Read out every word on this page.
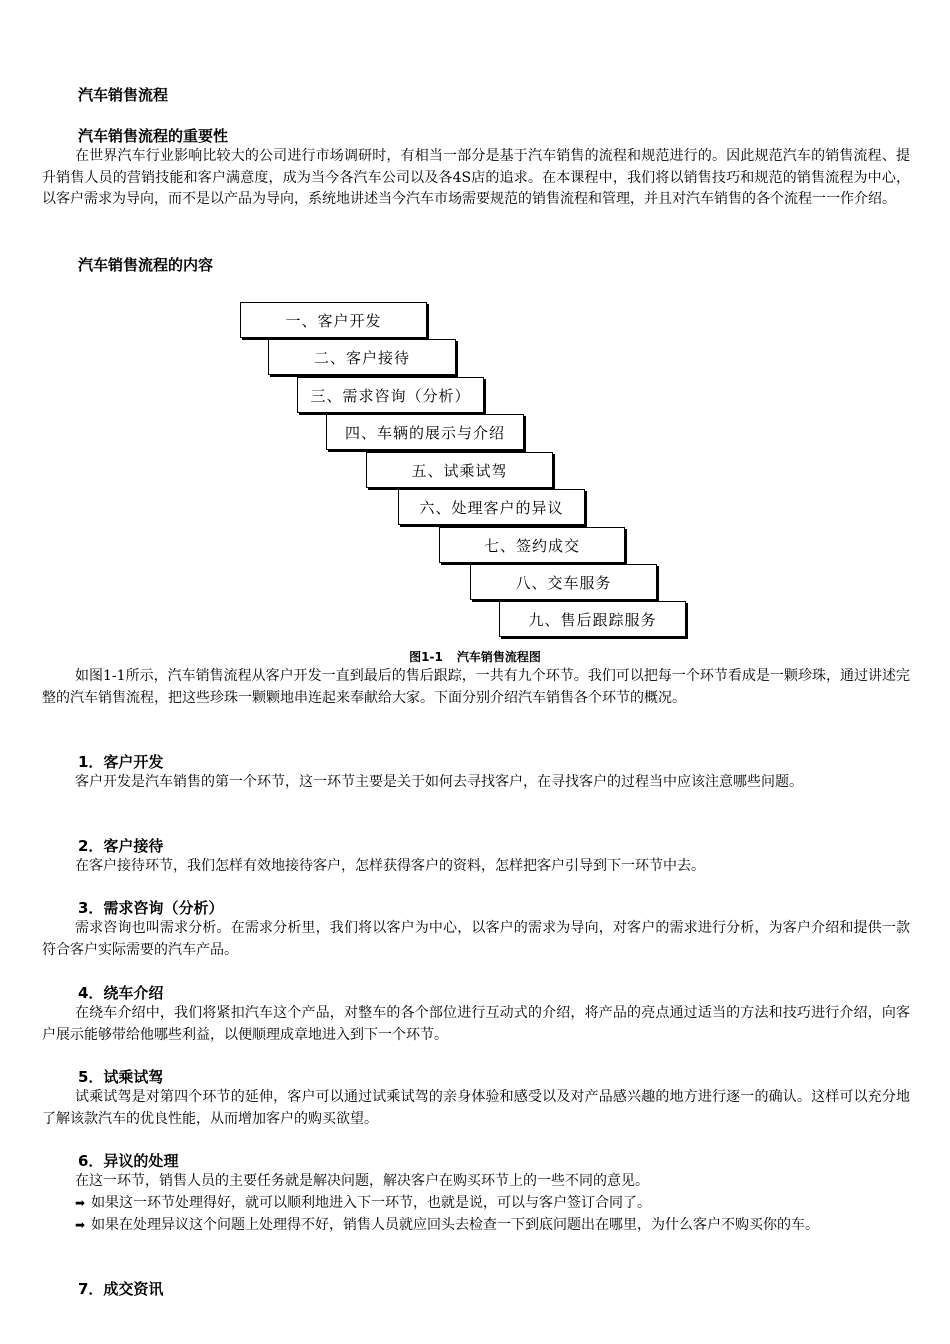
汽车销售流程
汽车销售流程的重要性

在世界汽车行业影响比较大的公司进行市场调研时，有相当一部分是基于汽车销售的流程和规范进行的。因此规范汽车的销售流程、提升销售人员的营销技能和客户满意度，成为当今各汽车公司以及各4S店的追求。在本课程中，我们将以销售技巧和规范的销售流程为中心，以客户需求为导向，而不是以产品为导向，系统地讲述当今汽车市场需要规范的销售流程和管理，并且对汽车销售的各个流程一一作介绍。

汽车销售流程的内容
一、客户开发
二、客户接待
三、需求咨询（分析）
四、车辆的展示与介绍
五、试乘试驾
六、处理客户的异议
七、签约成交
八、交车服务
九、售后跟踪服务
图1-1 汽车销售流程图

如图1-1所示，汽车销售流程从客户开发一直到最后的售后跟踪，一共有九个环节。我们可以把每一个环节看成是一颗珍珠，通过讲述完整的汽车销售流程，把这些珍珠一颗颗地串连起来奉献给大家。下面分别介绍汽车销售各个环节的概况。

1．客户开发

客户开发是汽车销售的第一个环节，这一环节主要是关于如何去寻找客户，在寻找客户的过程当中应该注意哪些问题。

2．客户接待

在客户接待环节，我们怎样有效地接待客户，怎样获得客户的资料，怎样把客户引导到下一环节中去。

3．需求咨询（分析）

需求咨询也叫需求分析。在需求分析里，我们将以客户为中心，以客户的需求为导向，对客户的需求进行分析，为客户介绍和提供一款符合客户实际需要的汽车产品。

4．绕车介绍

在绕车介绍中，我们将紧扣汽车这个产品，对整车的各个部位进行互动式的介绍，将产品的亮点通过适当的方法和技巧进行介绍，向客户展示能够带给他哪些利益，以便顺理成章地进入到下一个环节。

5．试乘试驾

试乘试驾是对第四个环节的延伸，客户可以通过试乘试驾的亲身体验和感受以及对产品感兴趣的地方进行逐一的确认。这样可以充分地了解该款汽车的优良性能，从而增加客户的购买欲望。

6．异议的处理

在这一环节，销售人员的主要任务就是解决问题，解决客户在购买环节上的一些不同的意见。

➡ 如果这一环节处理得好，就可以顺利地进入下一环节，也就是说，可以与客户签订合同了。

➡ 如果在处理异议这个问题上处理得不好，销售人员就应回头去检查一下到底问题出在哪里，为什么客户不购买你的车。

7．成交资讯
